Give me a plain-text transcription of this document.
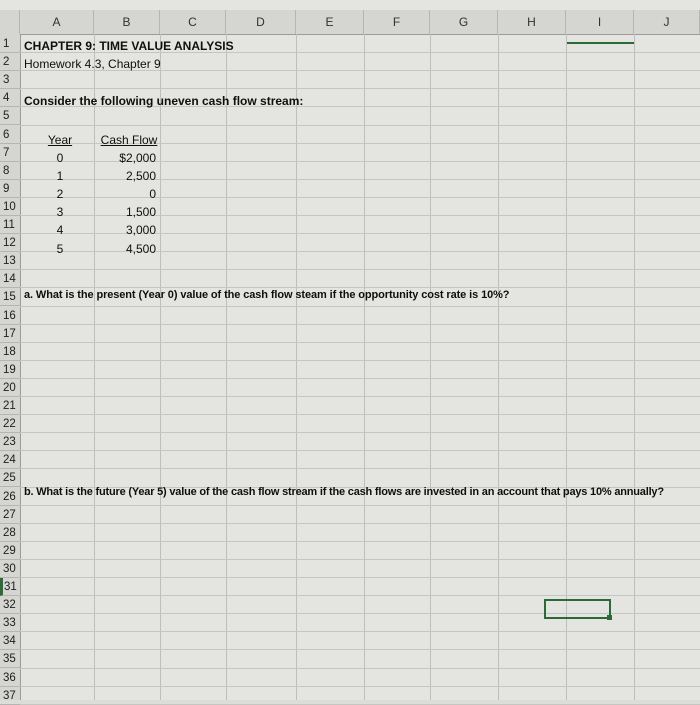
A	B	C	D	E	F	G	H	I	J
1
2
3
4
5
6
7
8
9
10
11
12
13
14
15
16
17
18
19
20
21
22
23
24
25
26
27
28
29
30
31
32
33
34
35
36
37
CHAPTER 9: TIME VALUE ANALYSIS
Homework 4.3, Chapter 9
Consider the following uneven cash flow stream:
Year	Cash Flow
0	$2,000
1	2,500
2	0
3	1,500
4	3,000
5	4,500
a. What is the present (Year 0) value of the cash flow steam if the opportunity cost rate is 10%?
b. What is the future (Year 5) value of the cash flow stream if the cash flows are invested in an account that pays 10% annually?
